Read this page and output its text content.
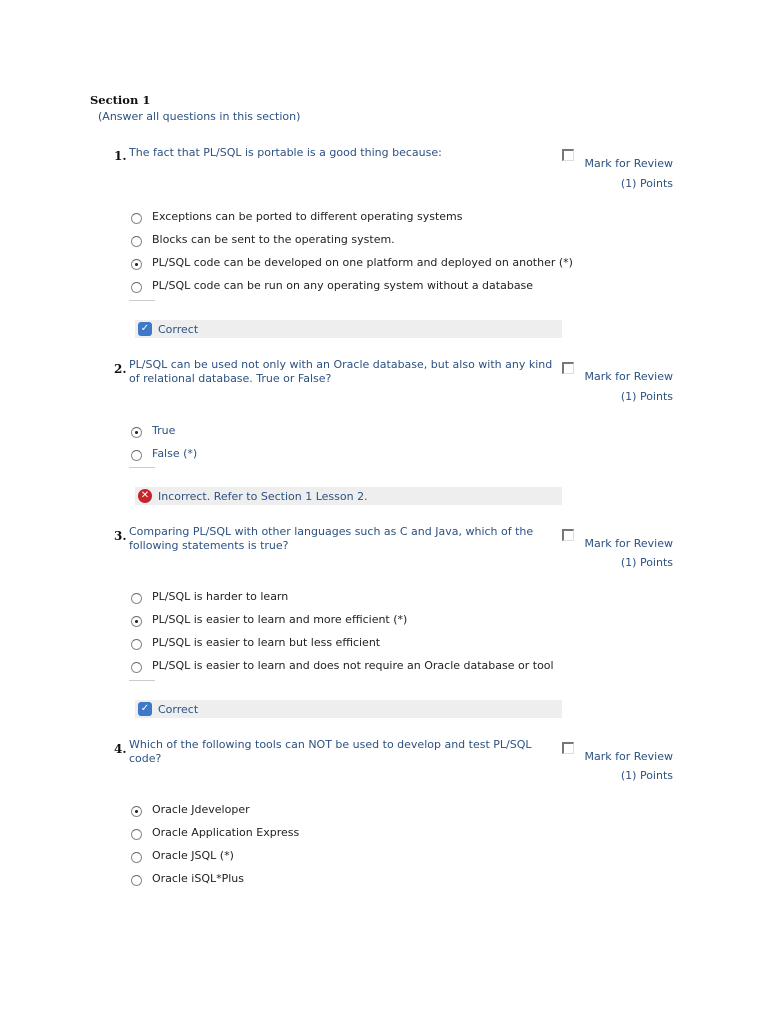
Section 1
(Answer all questions in this section)
1. The fact that PL/SQL is portable is a good thing because:
Mark for Review
(1) Points
Exceptions can be ported to different operating systems
Blocks can be sent to the operating system.
PL/SQL code can be developed on one platform and deployed on another (*)
PL/SQL code can be run on any operating system without a database
✓ Correct
2. PL/SQL can be used not only with an Oracle database, but also with any kind of relational database. True or False?	Mark for Review
(1) Points
True
False (*)
✕ Incorrect. Refer to Section 1 Lesson 2.
3. Comparing PL/SQL with other languages such as C and Java, which of the following statements is true?	Mark for Review
(1) Points
PL/SQL is harder to learn
PL/SQL is easier to learn and more efficient (*)
PL/SQL is easier to learn but less efficient
PL/SQL is easier to learn and does not require an Oracle database or tool
✓ Correct
4. Which of the following tools can NOT be used to develop and test PL/SQL code?	Mark for Review
(1) Points
Oracle Jdeveloper
Oracle Application Express
Oracle JSQL (*)
Oracle iSQL*Plus
